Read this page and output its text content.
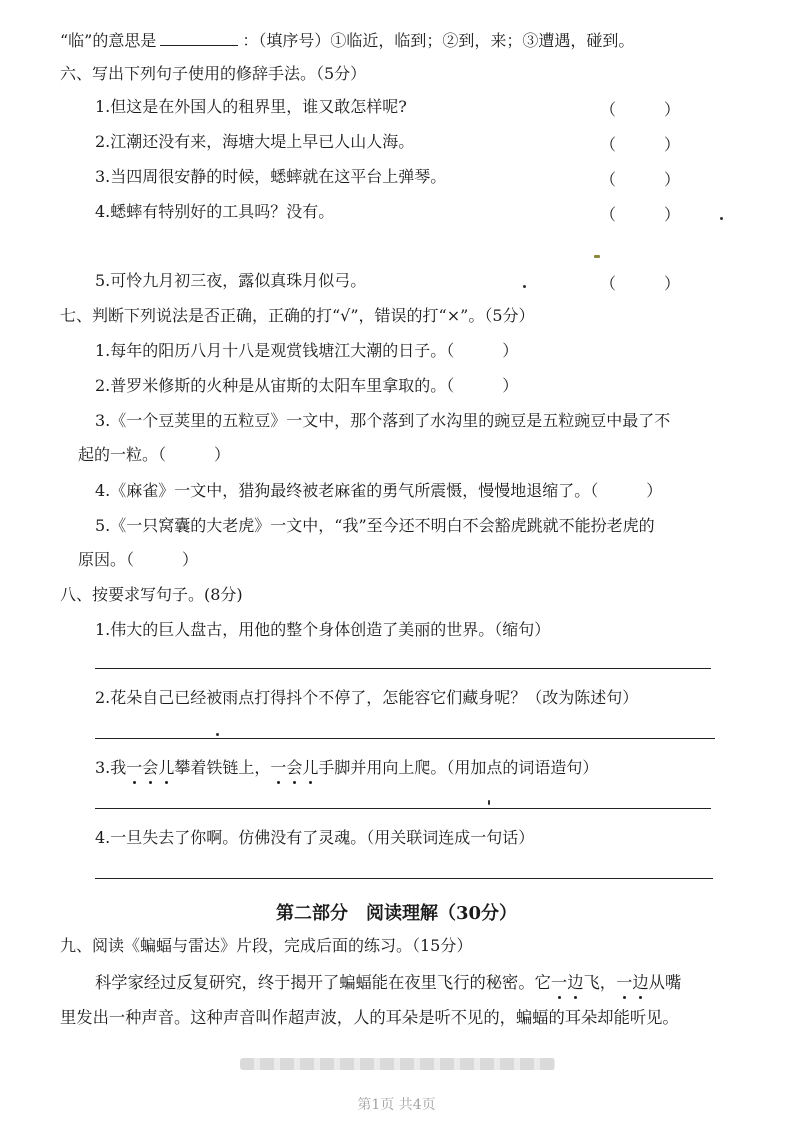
“临”的意思是	：（填序号）①临近，临到；②到，来；③遭遇，碰到。
六、写出下列句子使用的修辞手法。（5分）
1.但这是在外国人的租界里，谁又敢怎样呢?	（　　　）
2.江潮还没有来，海塘大堤上早已人山人海。	（　　　）
3.当四周很安静的时候，蟋蟀就在这平台上弹琴。	（　　　）
4.蟋蟀有特别好的工具吗？没有。	（　　　）
5.可怜九月初三夜，露似真珠月似弓。	（　　　）
七、判断下列说法是否正确，正确的打“√”，错误的打“×”。（5分）
1.每年的阳历八月十八是观赏钱塘江大潮的日子。（　　　）
2.普罗米修斯的火种是从宙斯的太阳车里拿取的。（　　　）
3.《一个豆荚里的五粒豆》一文中，那个落到了水沟里的豌豆是五粒豌豆中最了不
起的一粒。（　　　）
4.《麻雀》一文中，猎狗最终被老麻雀的勇气所震慑，慢慢地退缩了。（　　　）
5.《一只窝囊的大老虎》一文中，“我”至今还不明白不会豁虎跳就不能扮老虎的
原因。（　　　）
八、按要求写句子。(8分)
1.伟大的巨人盘古，用他的整个身体创造了美丽的世界。（缩句）
2.花朵自己已经被雨点打得抖个不停了，怎能容它们藏身呢？（改为陈述句）
3.我一会儿攀着铁链上，一会儿手脚并用向上爬。（用加点的词语造句）
4.一旦失去了你啊。仿佛没有了灵魂。（用关联词连成一句话）
第二部分　阅读理解（30分）
九、阅读《蝙蝠与雷达》片段，完成后面的练习。（15分）
科学家经过反复研究，终于揭开了蝙蝠能在夜里飞行的秘密。它一边飞，一边从嘴
里发出一种声音。这种声音叫作超声波，人的耳朵是听不见的，蝙蝠的耳朵却能听见。
第1页 共4页
